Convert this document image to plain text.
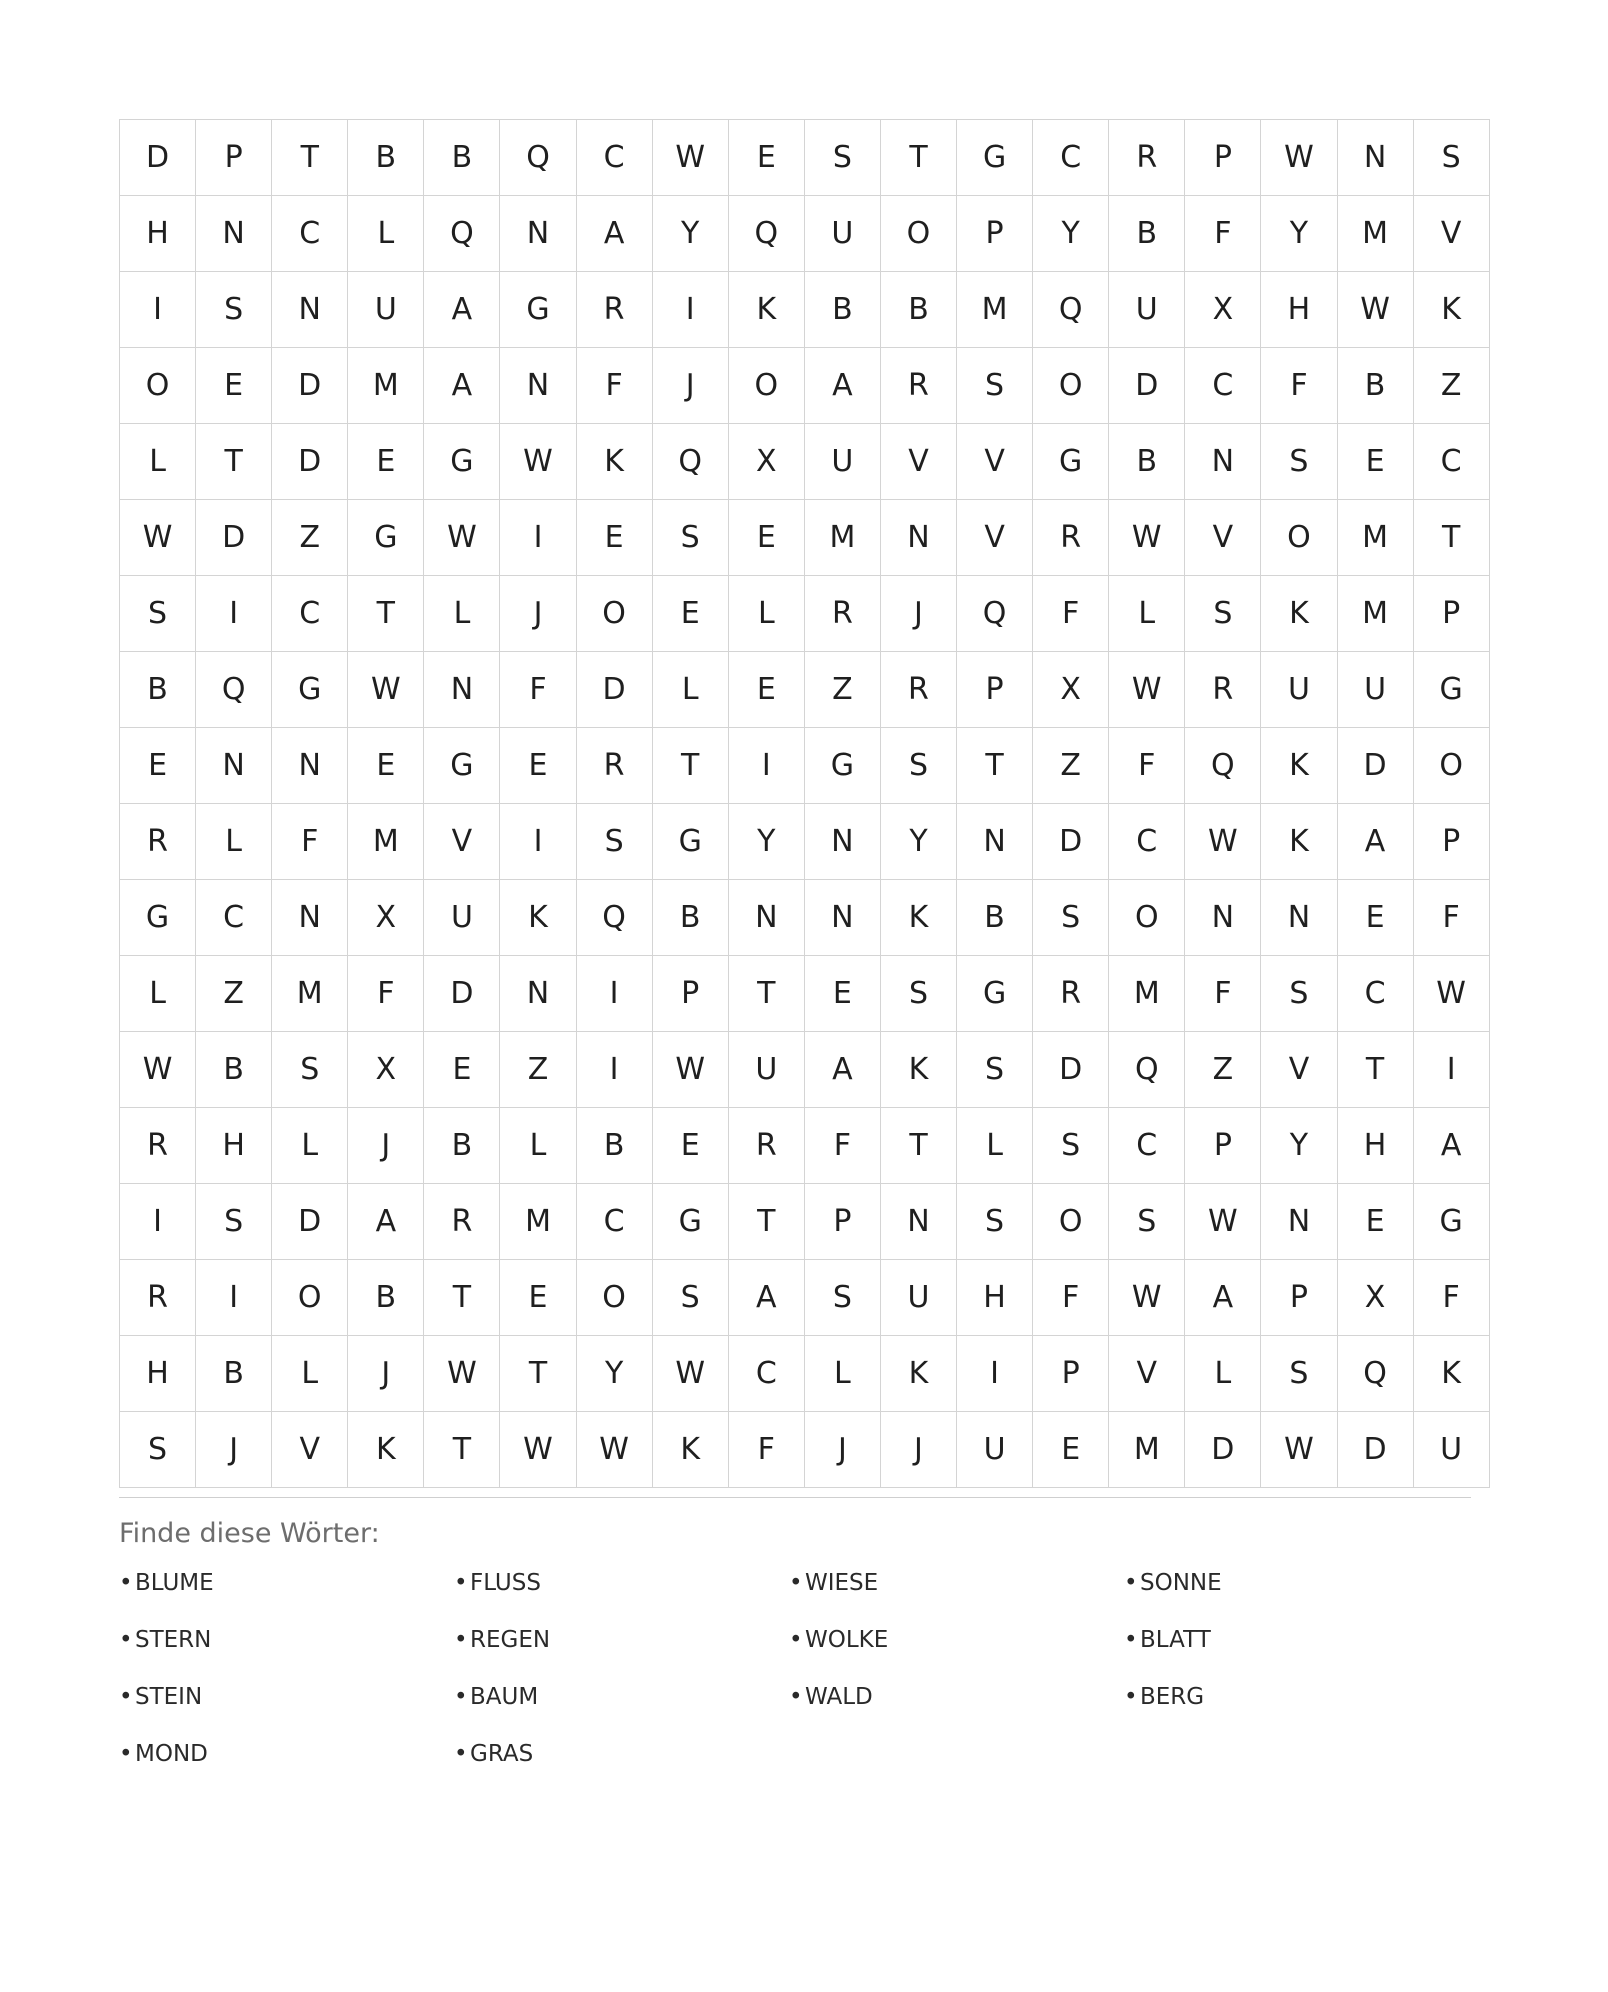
D	P	T	B	B	Q	C	W	E	S	T	G	C	R	P	W	N	S
H	N	C	L	Q	N	A	Y	Q	U	O	P	Y	B	F	Y	M	V
I	S	N	U	A	G	R	I	K	B	B	M	Q	U	X	H	W	K
O	E	D	M	A	N	F	J	O	A	R	S	O	D	C	F	B	Z
L	T	D	E	G	W	K	Q	X	U	V	V	G	B	N	S	E	C
W	D	Z	G	W	I	E	S	E	M	N	V	R	W	V	O	M	T
S	I	C	T	L	J	O	E	L	R	J	Q	F	L	S	K	M	P
B	Q	G	W	N	F	D	L	E	Z	R	P	X	W	R	U	U	G
E	N	N	E	G	E	R	T	I	G	S	T	Z	F	Q	K	D	O
R	L	F	M	V	I	S	G	Y	N	Y	N	D	C	W	K	A	P
G	C	N	X	U	K	Q	B	N	N	K	B	S	O	N	N	E	F
L	Z	M	F	D	N	I	P	T	E	S	G	R	M	F	S	C	W
W	B	S	X	E	Z	I	W	U	A	K	S	D	Q	Z	V	T	I
R	H	L	J	B	L	B	E	R	F	T	L	S	C	P	Y	H	A
I	S	D	A	R	M	C	G	T	P	N	S	O	S	W	N	E	G
R	I	O	B	T	E	O	S	A	S	U	H	F	W	A	P	X	F
H	B	L	J	W	T	Y	W	C	L	K	I	P	V	L	S	Q	K
S	J	V	K	T	W	W	K	F	J	J	U	E	M	D	W	D	U
Finde diese Wörter:
• BLUME
• STERN
• STEIN
• MOND
• FLUSS
• REGEN
• BAUM
• GRAS
• WIESE
• WOLKE
• WALD
• SONNE
• BLATT
• BERG
